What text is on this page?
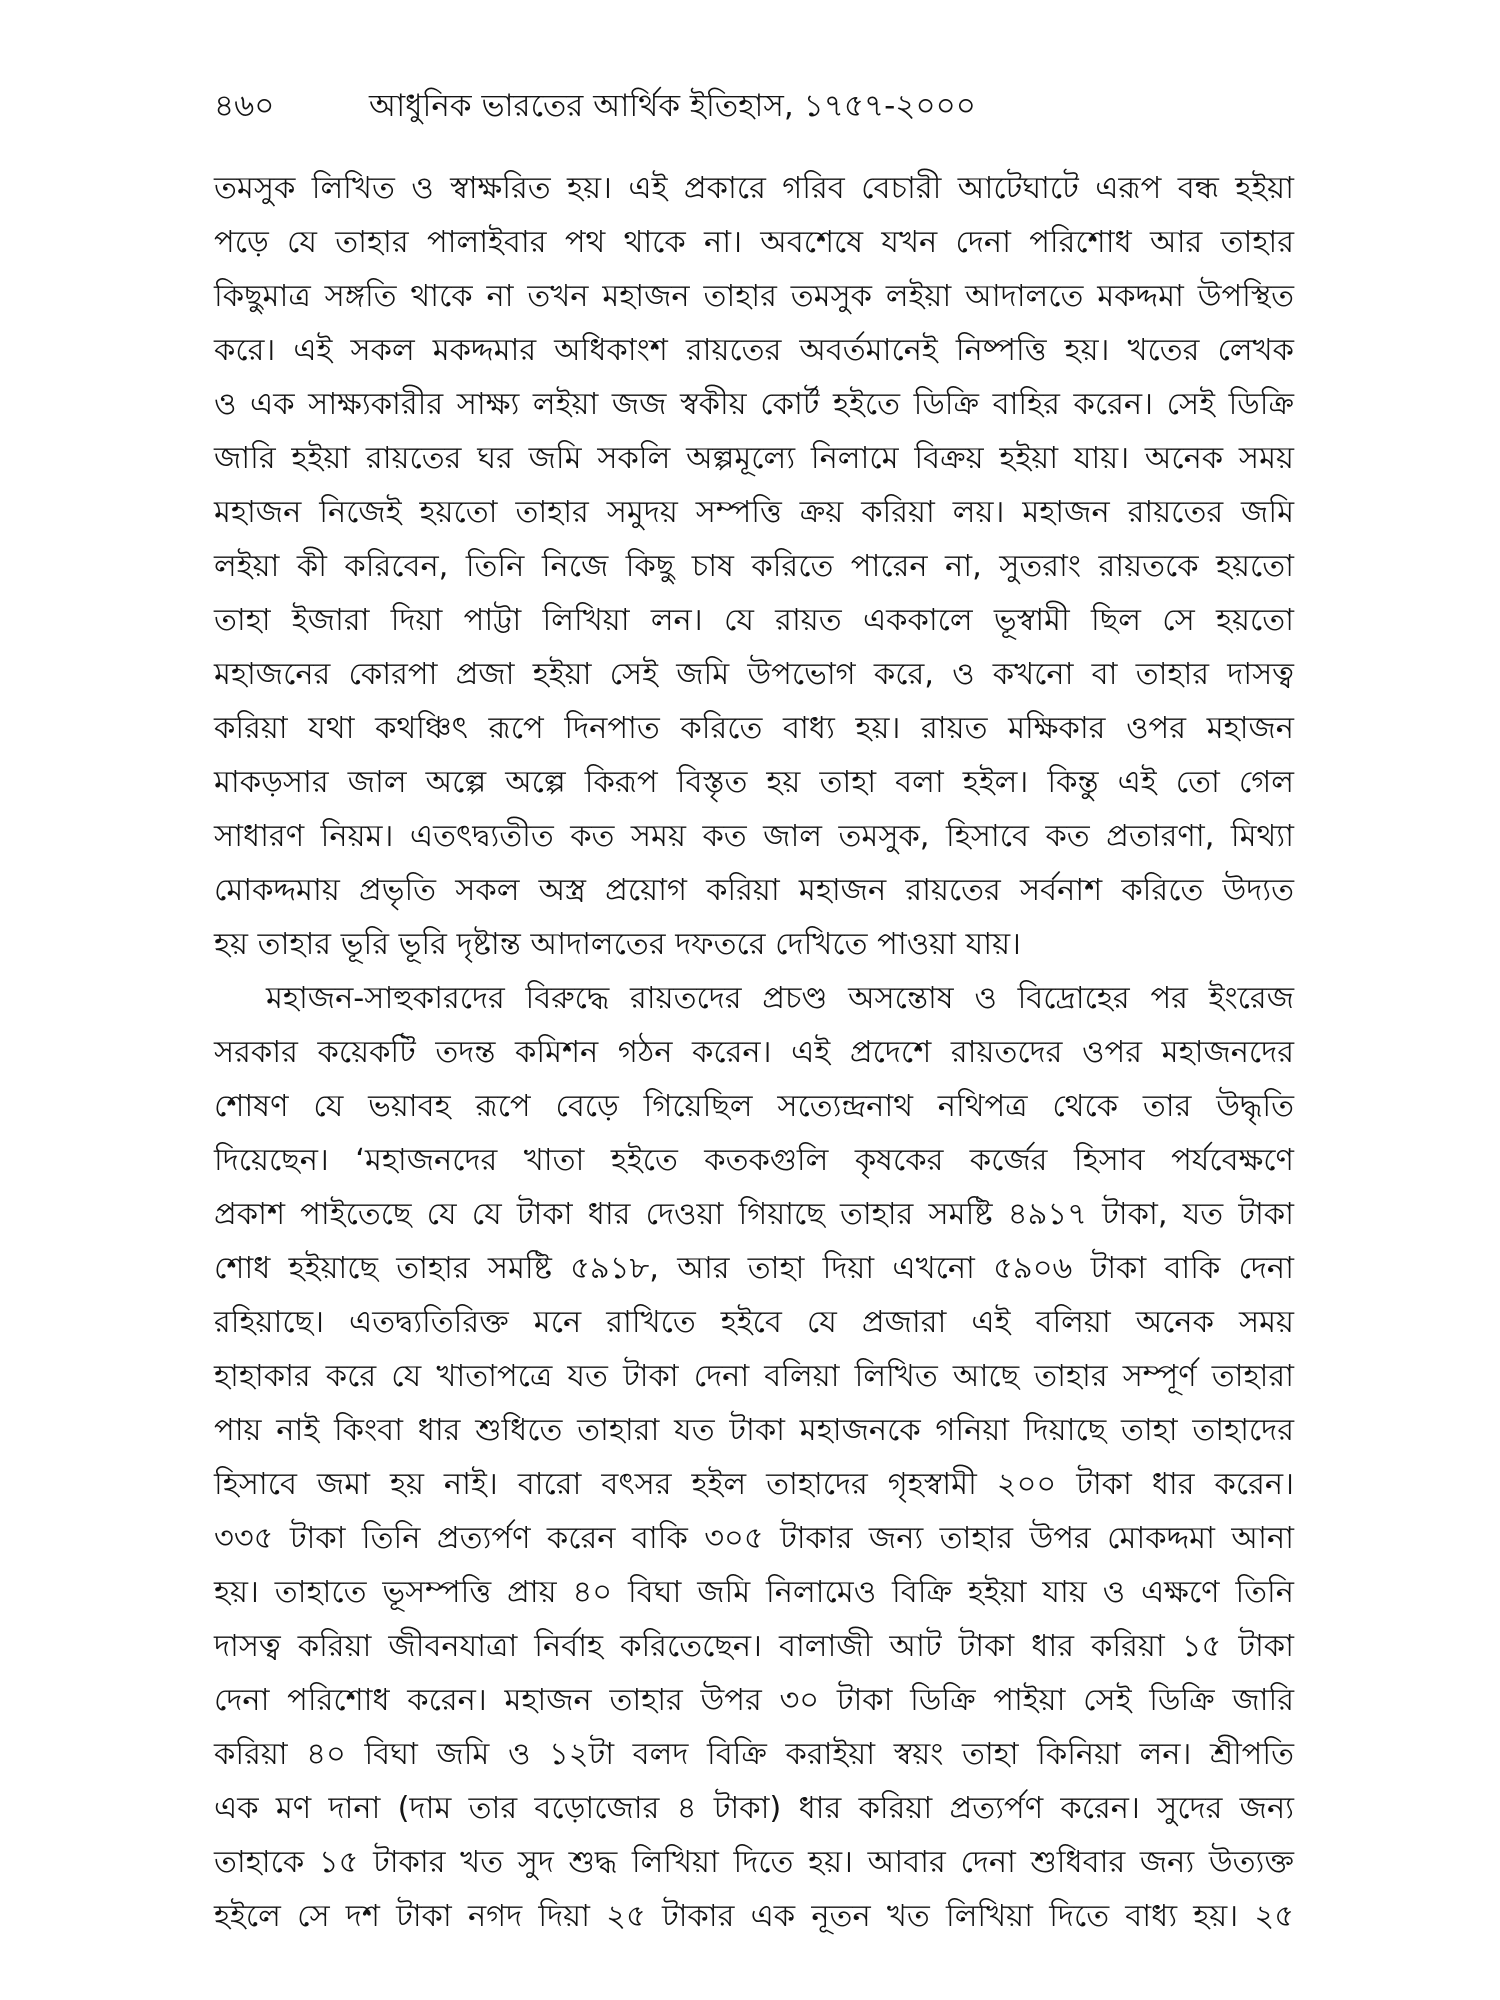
৪৬০	আধুনিক ভারতের আর্থিক ইতিহাস, ১৭৫৭-২০০০
তমসুক লিখিত ও স্বাক্ষরিত হয়। এই প্রকারে গরিব বেচারী আটেঘাটে এরূপ বন্ধ হইয়া
পড়ে যে তাহার পালাইবার পথ থাকে না। অবশেষে যখন দেনা পরিশোধ আর তাহার
কিছুমাত্র সঙ্গতি থাকে না তখন মহাজন তাহার তমসুক লইয়া আদালতে মকদ্দমা উপস্থিত
করে। এই সকল মকদ্দমার অধিকাংশ রায়তের অবর্তমানেই নিষ্পত্তি হয়। খতের লেখক
ও এক সাক্ষ্যকারীর সাক্ষ্য লইয়া জজ স্বকীয় কোর্ট হইতে ডিক্রি বাহির করেন। সেই ডিক্রি
জারি হইয়া রায়তের ঘর জমি সকলি অল্পমূল্যে নিলামে বিক্রয় হইয়া যায়। অনেক সময়
মহাজন নিজেই হয়তো তাহার সমুদয় সম্পত্তি ক্রয় করিয়া লয়। মহাজন রায়তের জমি
লইয়া কী করিবেন, তিনি নিজে কিছু চাষ করিতে পারেন না, সুতরাং রায়তকে হয়তো
তাহা ইজারা দিয়া পাট্টা লিখিয়া লন। যে রায়ত এককালে ভূস্বামী ছিল সে হয়তো
মহাজনের কোরপা প্রজা হইয়া সেই জমি উপভোগ করে, ও কখনো বা তাহার দাসত্ব
করিয়া যথা কথঞ্চিৎ রূপে দিনপাত করিতে বাধ্য হয়। রায়ত মক্ষিকার ওপর মহাজন
মাকড়সার জাল অল্পে অল্পে কিরূপ বিস্তৃত হয় তাহা বলা হইল। কিন্তু এই তো গেল
সাধারণ নিয়ম। এতৎদ্ব্যতীত কত সময় কত জাল তমসুক, হিসাবে কত প্রতারণা, মিথ্যা
মোকদ্দমায় প্রভৃতি সকল অস্ত্র প্রয়োগ করিয়া মহাজন রায়তের সর্বনাশ করিতে উদ্যত
হয় তাহার ভূরি ভূরি দৃষ্টান্ত আদালতের দফতরে দেখিতে পাওয়া যায়।
মহাজন-সাহুকারদের বিরুদ্ধে রায়তদের প্রচণ্ড অসন্তোষ ও বিদ্রোহের পর ইংরেজ
সরকার কয়েকটি তদন্ত কমিশন গঠন করেন। এই প্রদেশে রায়তদের ওপর মহাজনদের
শোষণ যে ভয়াবহ রূপে বেড়ে গিয়েছিল সত্যেন্দ্রনাথ নথিপত্র থেকে তার উদ্ধৃতি
দিয়েছেন। ‘মহাজনদের খাতা হইতে কতকগুলি কৃষকের কর্জের হিসাব পর্যবেক্ষণে
প্রকাশ পাইতেছে যে যে টাকা ধার দেওয়া গিয়াছে তাহার সমষ্টি ৪৯১৭ টাকা, যত টাকা
শোধ হইয়াছে তাহার সমষ্টি ৫৯১৮, আর তাহা দিয়া এখনো ৫৯০৬ টাকা বাকি দেনা
রহিয়াছে। এতদ্ব্যতিরিক্ত মনে রাখিতে হইবে যে প্রজারা এই বলিয়া অনেক সময়
হাহাকার করে যে খাতাপত্রে যত টাকা দেনা বলিয়া লিখিত আছে তাহার সম্পূর্ণ তাহারা
পায় নাই কিংবা ধার শুধিতে তাহারা যত টাকা মহাজনকে গনিয়া দিয়াছে তাহা তাহাদের
হিসাবে জমা হয় নাই। বারো বৎসর হইল তাহাদের গৃহস্বামী ২০০ টাকা ধার করেন।
৩৩৫ টাকা তিনি প্রত্যর্পণ করেন বাকি ৩০৫ টাকার জন্য তাহার উপর মোকদ্দমা আনা
হয়। তাহাতে ভূসম্পত্তি প্রায় ৪০ বিঘা জমি নিলামেও বিক্রি হইয়া যায় ও এক্ষণে তিনি
দাসত্ব করিয়া জীবনযাত্রা নির্বাহ করিতেছেন। বালাজী আট টাকা ধার করিয়া ১৫ টাকা
দেনা পরিশোধ করেন। মহাজন তাহার উপর ৩০ টাকা ডিক্রি পাইয়া সেই ডিক্রি জারি
করিয়া ৪০ বিঘা জমি ও ১২টা বলদ বিক্রি করাইয়া স্বয়ং তাহা কিনিয়া লন। শ্রীপতি
এক মণ দানা (দাম তার বড়োজোর ৪ টাকা) ধার করিয়া প্রত্যর্পণ করেন। সুদের জন্য
তাহাকে ১৫ টাকার খত সুদ শুদ্ধ লিখিয়া দিতে হয়। আবার দেনা শুধিবার জন্য উত্যক্ত
হইলে সে দশ টাকা নগদ দিয়া ২৫ টাকার এক নূতন খত লিখিয়া দিতে বাধ্য হয়। ২৫
